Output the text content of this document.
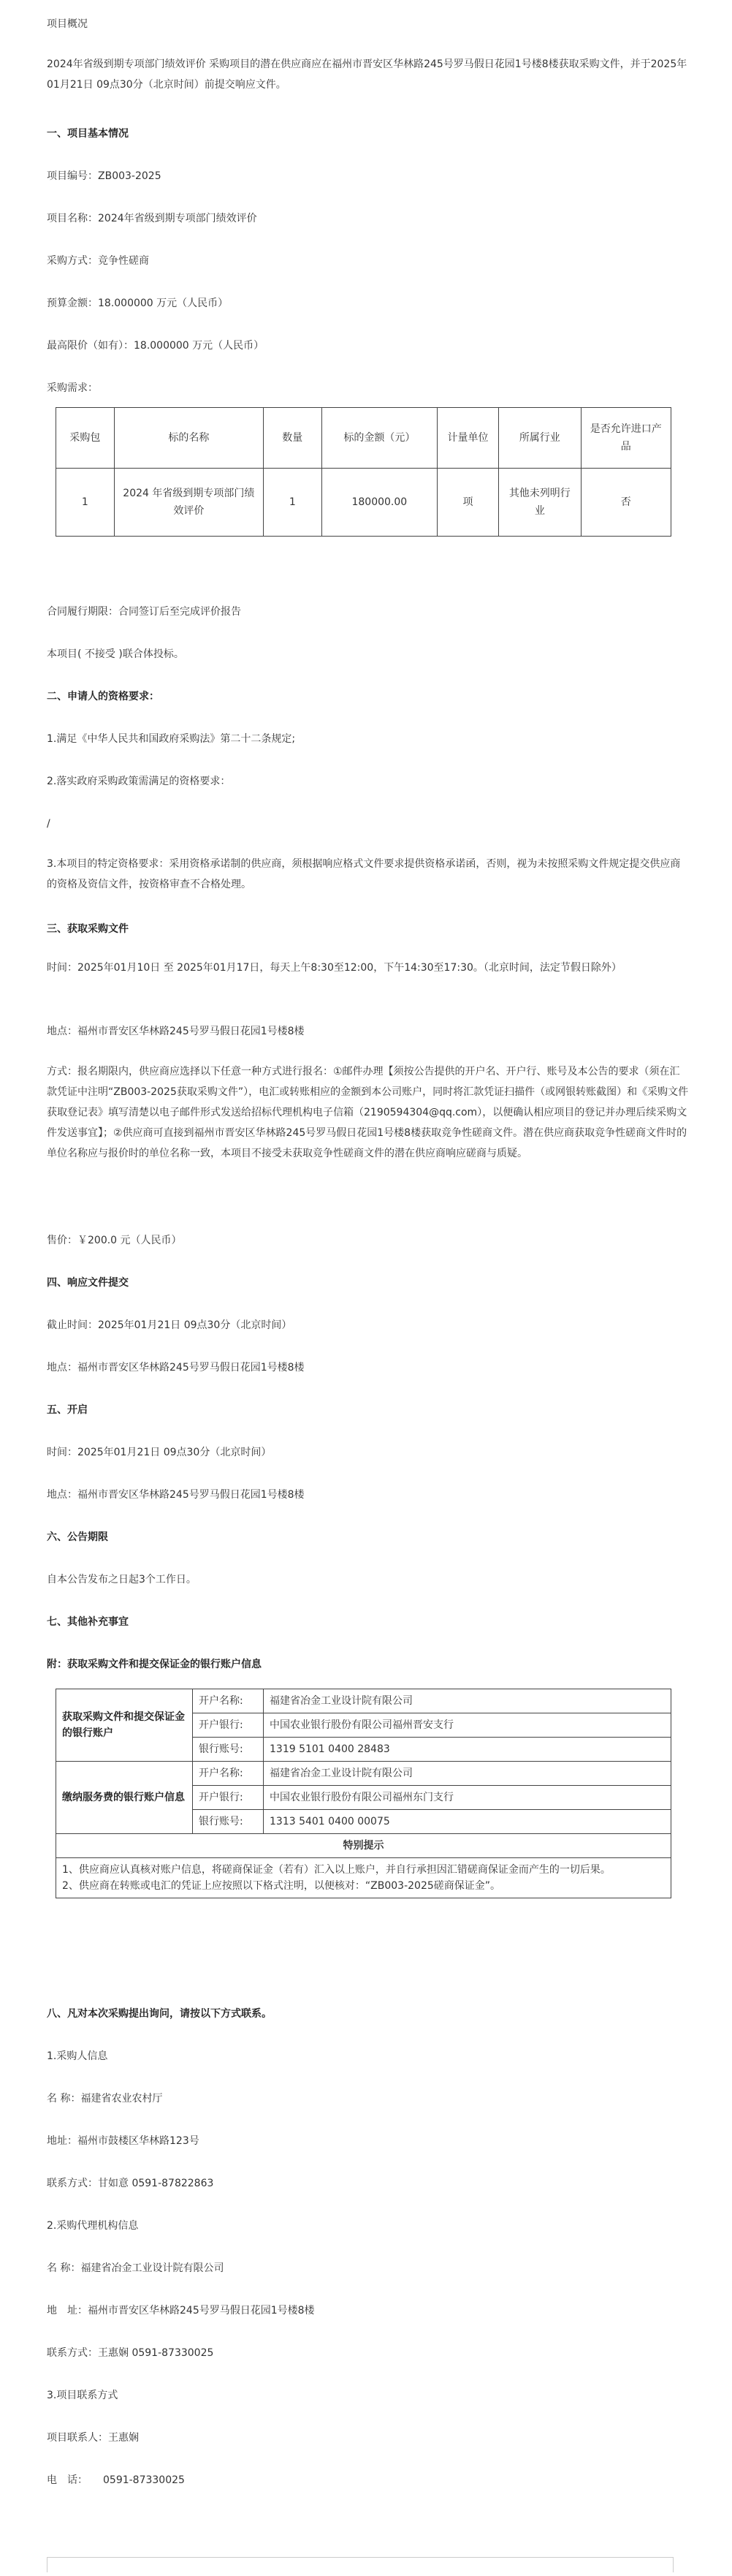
项目概况
2024年省级到期专项部门绩效评价 采购项目的潜在供应商应在福州市晋安区华林路245号罗马假日花园1号楼8楼获取采购文件，并于2025年01月21日 09点30分（北京时间）前提交响应文件。
一、项目基本情况
项目编号：ZB003-2025
项目名称：2024年省级到期专项部门绩效评价
采购方式：竞争性磋商
预算金额：18.000000 万元（人民币）
最高限价（如有）：18.000000 万元（人民币）
采购需求：
采购包	标的名称	数量	标的金额（元）	计量单位	所属行业	是否允许进口产品
1	2024 年省级到期专项部门绩效评价	1	180000.00	项	其他未列明行业	否
合同履行期限：合同签订后至完成评价报告
本项目( 不接受 )联合体投标。
二、申请人的资格要求：
1.满足《中华人民共和国政府采购法》第二十二条规定;
2.落实政府采购政策需满足的资格要求：
/
3.本项目的特定资格要求：采用资格承诺制的供应商，须根据响应格式文件要求提供资格承诺函，否则，视为未按照采购文件规定提交供应商的资格及资信文件，按资格审查不合格处理。
三、获取采购文件
时间：2025年01月10日 至 2025年01月17日，每天上午8:30至12:00，下午14:30至17:30。（北京时间，法定节假日除外）
地点：福州市晋安区华林路245号罗马假日花园1号楼8楼
方式：报名期限内，供应商应选择以下任意一种方式进行报名：①邮件办理【须按公告提供的开户名、开户行、账号及本公告的要求（须在汇款凭证中注明“ZB003-2025获取采购文件”），电汇或转账相应的金额到本公司账户，同时将汇款凭证扫描件（或网银转账截图）和《采购文件获取登记表》填写清楚以电子邮件形式发送给招标代理机构电子信箱（2190594304@qq.com），以便确认相应项目的登记并办理后续采购文件发送事宜】；②供应商可直接到福州市晋安区华林路245号罗马假日花园1号楼8楼获取竞争性磋商文件。潜在供应商获取竞争性磋商文件时的单位名称应与报价时的单位名称一致，本项目不接受未获取竞争性磋商文件的潜在供应商响应磋商与质疑。
售价：￥200.0 元（人民币）
四、响应文件提交
截止时间：2025年01月21日 09点30分（北京时间）
地点：福州市晋安区华林路245号罗马假日花园1号楼8楼
五、开启
时间：2025年01月21日 09点30分（北京时间）
地点：福州市晋安区华林路245号罗马假日花园1号楼8楼
六、公告期限
自本公告发布之日起3个工作日。
七、其他补充事宜
附：获取采购文件和提交保证金的银行账户信息
获取采购文件和提交保证金的银行账户	开户名称:	福建省冶金工业设计院有限公司
	开户银行:	中国农业银行股份有限公司福州晋安支行
	银行账号:	1319 5101 0400 28483
缴纳服务费的银行账户信息	开户名称:	福建省冶金工业设计院有限公司
	开户银行:	中国农业银行股份有限公司福州东门支行
	银行账号:	1313 5401 0400 00075
特别提示		

1、供应商应认真核对账户信息，将磋商保证金（若有）汇入以上账户，并自行承担因汇错磋商保证金而产生的一切后果。
2、供应商在转账或电汇的凭证上应按照以下格式注明，以便核对：“ZB003-2025磋商保证金”。		
八、凡对本次采购提出询问，请按以下方式联系。
1.采购人信息
名 称：福建省农业农村厅
地址：福州市鼓楼区华林路123号
联系方式：甘如意 0591-87822863
2.采购代理机构信息
名 称：福建省冶金工业设计院有限公司
地　址：福州市晋安区华林路245号罗马假日花园1号楼8楼
联系方式：王惠娴 0591-87330025
3.项目联系方式
项目联系人：王惠娴
电　话：　　0591-87330025
